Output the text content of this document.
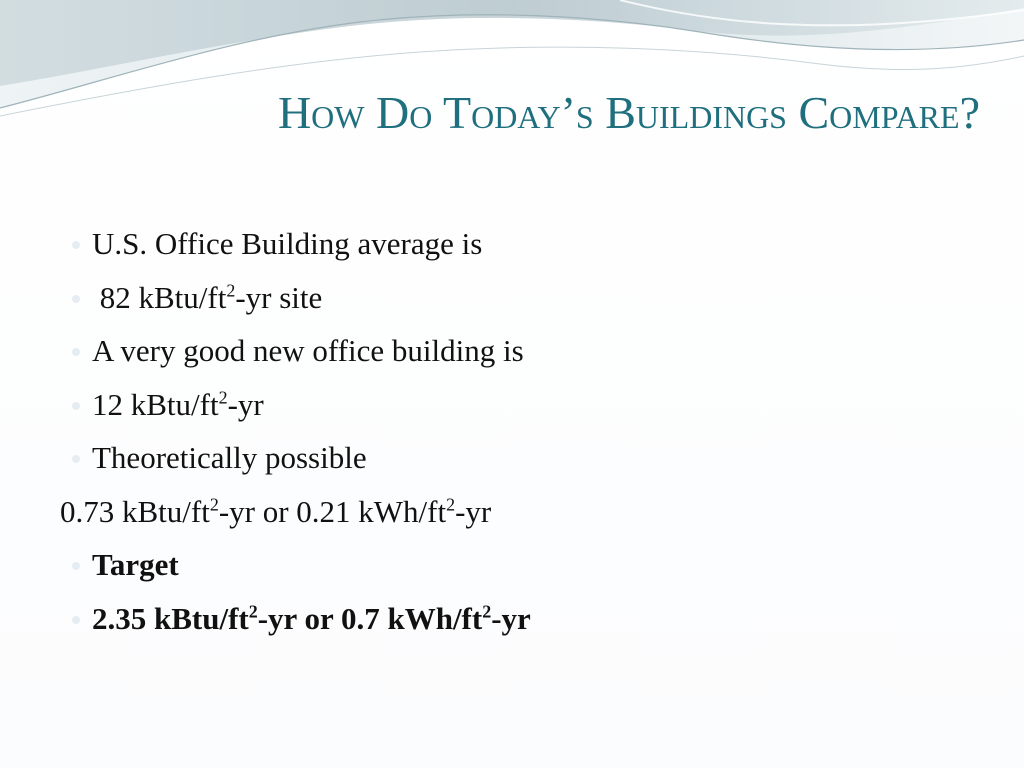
How Do Today’s Buildings Compare?
U.S. Office Building average is
82 kBtu/$ft^2-yr$ site
A very good new office building is
12 kBtu/$ft^2-yr$
Theoretically possible
0.73 kBtu/$ft^2-yr$ or 0.21 kWh/$ft^2-yr$
Target
2.35 kBtu/$ft^2-yr$ or 0.7 kWh/$ft^2-yr$
